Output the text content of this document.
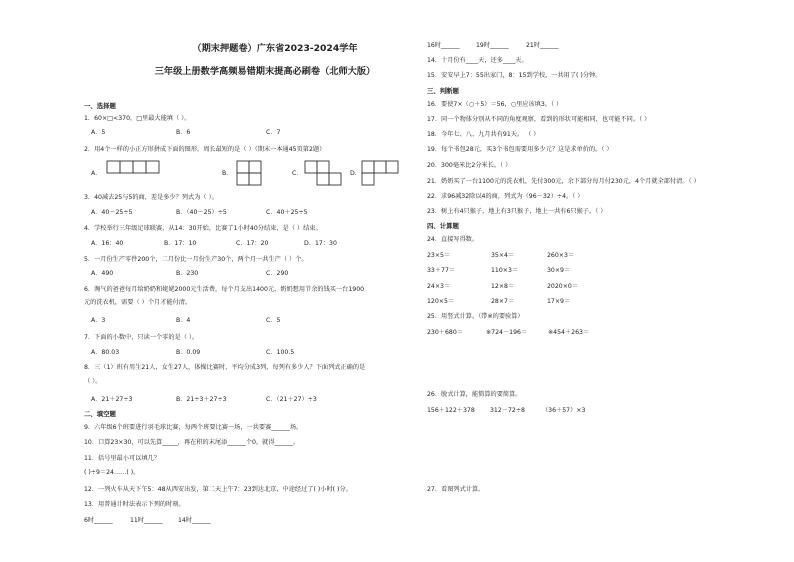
（期末押题卷）广东省2023-2024学年
三年级上册数学高频易错期末提高必刷卷（北师大版）
一、选择题
1．60×□<370，□里最大能填（ ）。
A．5	B．6	C．7
2．用4个一样的小正方形拼成下面的图形，周长最短的是（ ）（期末一本通45页第2题）
A．	B．	C．	D．
3．40减去25与5的商，差是多少？列式为（ ）。
A．40－25÷5	B．（40－25）÷5	C．40＋25÷5
4．学校举行三年级足球联赛，从14：30开始，比赛了1小时40分结束，是（ ）结束。
A．16：40	B．17：10	C．17：20	D．17：30
5．一月份生产零件200个，二月份比一月份生产30个，两个月一共生产（ ）个。
A．490	B．230	C．290
6．淘气的爸爸每月给奶奶和姥姥2000元生活费，每个月支出1400元，奶奶想用节余的钱买一台1900
元的洗衣机，需要（ ）个月才能付清。
A．3	B．4	C．5
7．下面的小数中，只读一个零的是（ ）。
A．80.03	B．0.09	C．100.5
8．三（1）班有男生21人，女生27人，体操比赛时，平均分成3列，每列有多少人？下面列式正确的是
（ ）。
A．21＋27÷3	B．21÷3＋27÷3	C．（21＋27）÷3
二、填空题
9．六年级6个班要进行羽毛球比赛，每两个班要比赛一场，一共要赛______场。
10．口算23×30，可以先算_____，再在积的末尾添______个0，就得______。
11．括号里最小可以填几？
( )÷9＝24……( )。
12．一列火车从天下午5：48从西安出发，第二天上午7：23到达北京，中途经过了( )小时( )分。
13．用普通计时法表示下列的时刻。
6时______	11时______ 14时______
16时______	19时______	21时______
14．十月份有____天，还多____天。
15．安安早上7：55出家门，8：15到学校，一共用了( )分钟。
三、判断题
16．要使7×（○＋5）＝56，○里应该填3。（ ）
17．同一个物体分别从不同的角度观察，看到的形状可能相同，也可能不同。（ ）
18．今年七、八、九月共有91天。 （ ）
19．每个书包28元，买3个书包需要用多少元？这是求单价的。（ ）
20．300毫米比2分米长。（ ）
21．奶奶买了一台1100元的洗衣机，先付300元，余下部分每月付230元，4个月就全部付清。（ ）
22．求96减32除以4的商，列式为（96－32）÷4。（ ）
23．树上有4只猴子，地上有3只猴子，地上一共有6只猴子。（ ）
四、计算题
24．直接写得数。
23×5＝	35×4＝	260×3＝
33＋77＝	110×3＝	30×9＝
24×3＝	12×8＝	2020×0＝
120×5＝	28×7＝	17×9＝
25．用竖式计算。（带※的要验算）
230＋680＝	※724－196＝	※454＋263＝
26．脱式计算，能简算的要简算。
156＋122＋378 312－72÷8	（36＋57）×3
27．看图列式计算。
